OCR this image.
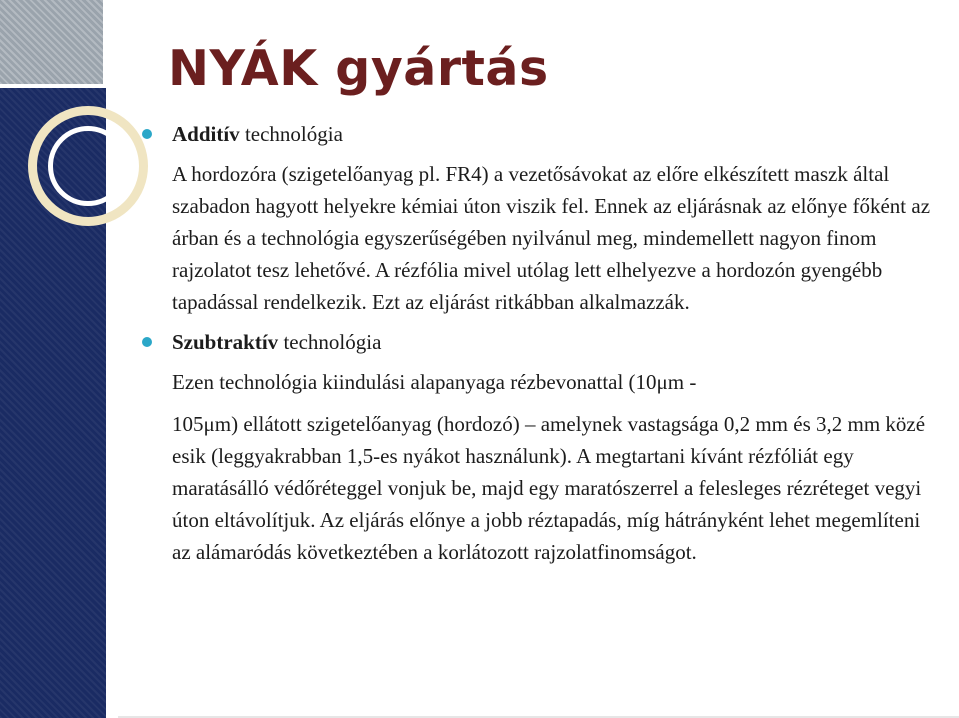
NYÁK gyártás
Additív technológia
A hordozóra (szigetelőanyag pl. FR4) a vezetősávokat az előre elkészített maszk által szabadon hagyott helyekre kémiai úton viszik fel. Ennek az eljárásnak az előnye főként az árban és a technológia egyszerűségében nyilvánul meg, mindemellett nagyon finom rajzolatot tesz lehetővé. A rézfólia mivel utólag lett elhelyezve a hordozón gyengébb tapadással rendelkezik. Ezt az eljárást ritkábban alkalmazzák.
Szubtraktív technológia
Ezen technológia kiindulási alapanyaga rézbevonattal (10μm -
105μm) ellátott szigetelőanyag (hordozó) – amelynek vastagsága 0,2 mm és 3,2 mm közé esik (leggyakrabban 1,5-es nyákot használunk). A megtartani kívánt rézfóliát egy maratásálló védőréteggel vonjuk be, majd egy maratószerrel a felesleges rézréteget vegyi úton eltávolítjuk. Az eljárás előnye a jobb réztapadás, míg hátrányként lehet megemlíteni az alámaródás következtében a korlátozott rajzolatfinomságot.
